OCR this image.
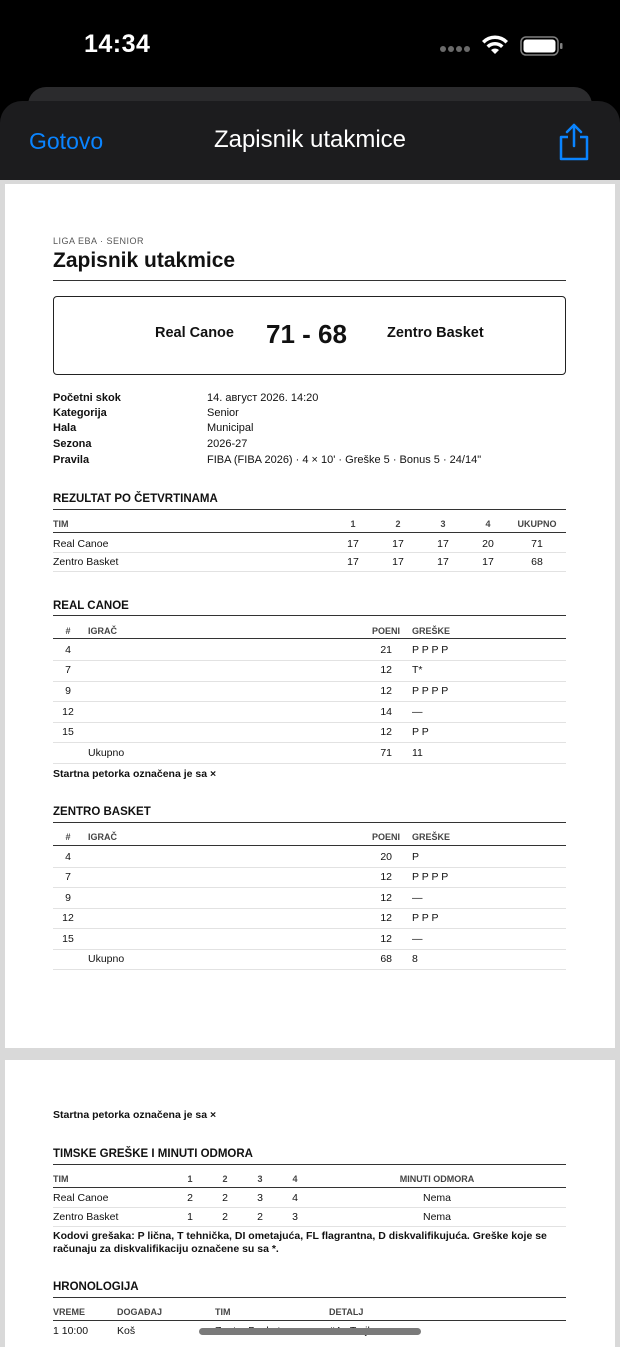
14:34
Gotovo	Zapisnik utakmice
LIGA EBA · SENIOR
Zapisnik utakmice
Real Canoe 71 - 68	Zentro Basket
Početni skok	14. август 2026. 14:20
Kategorija	Senior
Hala	Municipal
Sezona	2026-27
Pravila	FIBA (FIBA 2026) · 4 × 10' · Greške 5 · Bonus 5 · 24/14"
REZULTAT PO ČETVRTINAMA
TIM	1	2	3	4	UKUPNO
Real Canoe	17	17	17	20	71
Zentro Basket	17	17	17	17	68
REAL CANOE
# IGRAČ	POENI GREŠKE
4	21 P P P P
7	12 T*
9	12 P P P P
12	14 —
15	12 P P
Ukupno	71 11
Startna petorka označena je sa ×
ZENTRO BASKET
# IGRAČ	POENI GREŠKE
4	20 P
7	12 P P P P
9	12 —
12	12 P P P
15	12 —
Ukupno	68 8
Startna petorka označena je sa ×
TIMSKE GREŠKE I MINUTI ODMORA
TIM	1	2	3	4	MINUTI ODMORA
Real Canoe	2	2	3	4	Nema
Zentro Basket	1	2	2	3	Nema
Kodovi grešaka: P lična, T tehnička, DI ometajuća, FL flagrantna, D diskvalifikujuća. Greške koje se računaju za diskvalifikaciju označene su sa *.
HRONOLOGIJA
VREME	DOGAĐAJ	TIM	DETALJ
1 10:00	Koš
